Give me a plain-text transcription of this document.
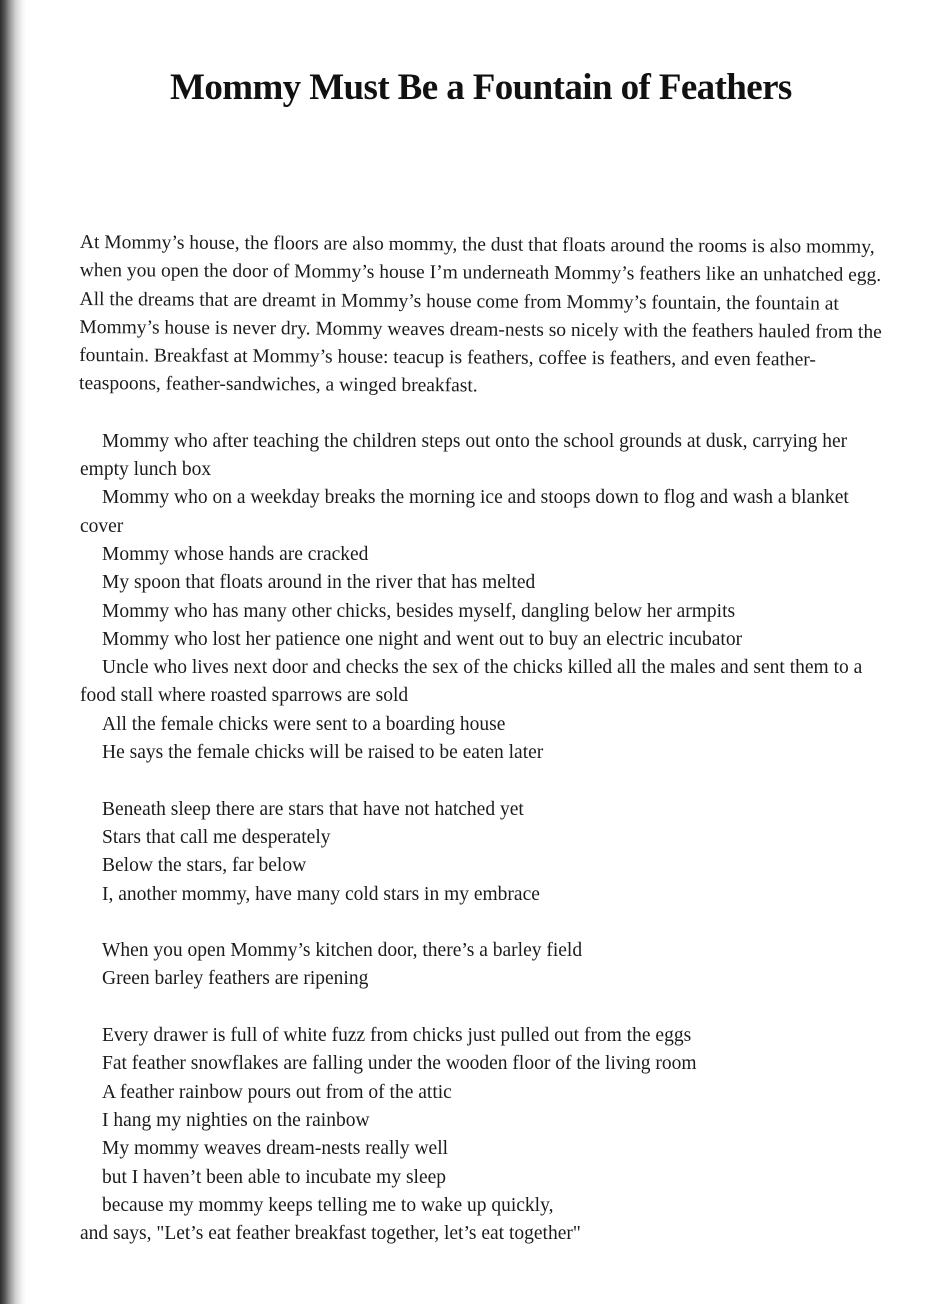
Mommy Must Be a Fountain of Feathers

At Mommy’s house, the floors are also mommy, the dust that floats around the rooms is also mommy, when you open the door of Mommy’s house I’m underneath Mommy’s feathers like an unhatched egg. All the dreams that are dreamt in Mommy’s house come from Mommy’s fountain, the fountain at Mommy’s house is never dry. Mommy weaves dream-nests so nicely with the feathers hauled from the fountain. Breakfast at Mommy’s house: teacup is feathers, coffee is feathers, and even feather-teaspoons, feather-sandwiches, a winged breakfast.

Mommy who after teaching the children steps out onto the school grounds at dusk, carrying her empty lunch box
Mommy who on a weekday breaks the morning ice and stoops down to flog and wash a blanket cover
Mommy whose hands are cracked
My spoon that floats around in the river that has melted
Mommy who has many other chicks, besides myself, dangling below her armpits
Mommy who lost her patience one night and went out to buy an electric incubator
Uncle who lives next door and checks the sex of the chicks killed all the males and sent them to a food stall where roasted sparrows are sold
All the female chicks were sent to a boarding house
He says the female chicks will be raised to be eaten later
Beneath sleep there are stars that have not hatched yet
Stars that call me desperately
Below the stars, far below
I, another mommy, have many cold stars in my embrace
When you open Mommy’s kitchen door, there’s a barley field
Green barley feathers are ripening
Every drawer is full of white fuzz from chicks just pulled out from the eggs
Fat feather snowflakes are falling under the wooden floor of the living room
A feather rainbow pours out from of the attic
I hang my nighties on the rainbow
My mommy weaves dream-nests really well
but I haven’t been able to incubate my sleep
because my mommy keeps telling me to wake up quickly,
and says, "Let’s eat feather breakfast together, let’s eat together"
